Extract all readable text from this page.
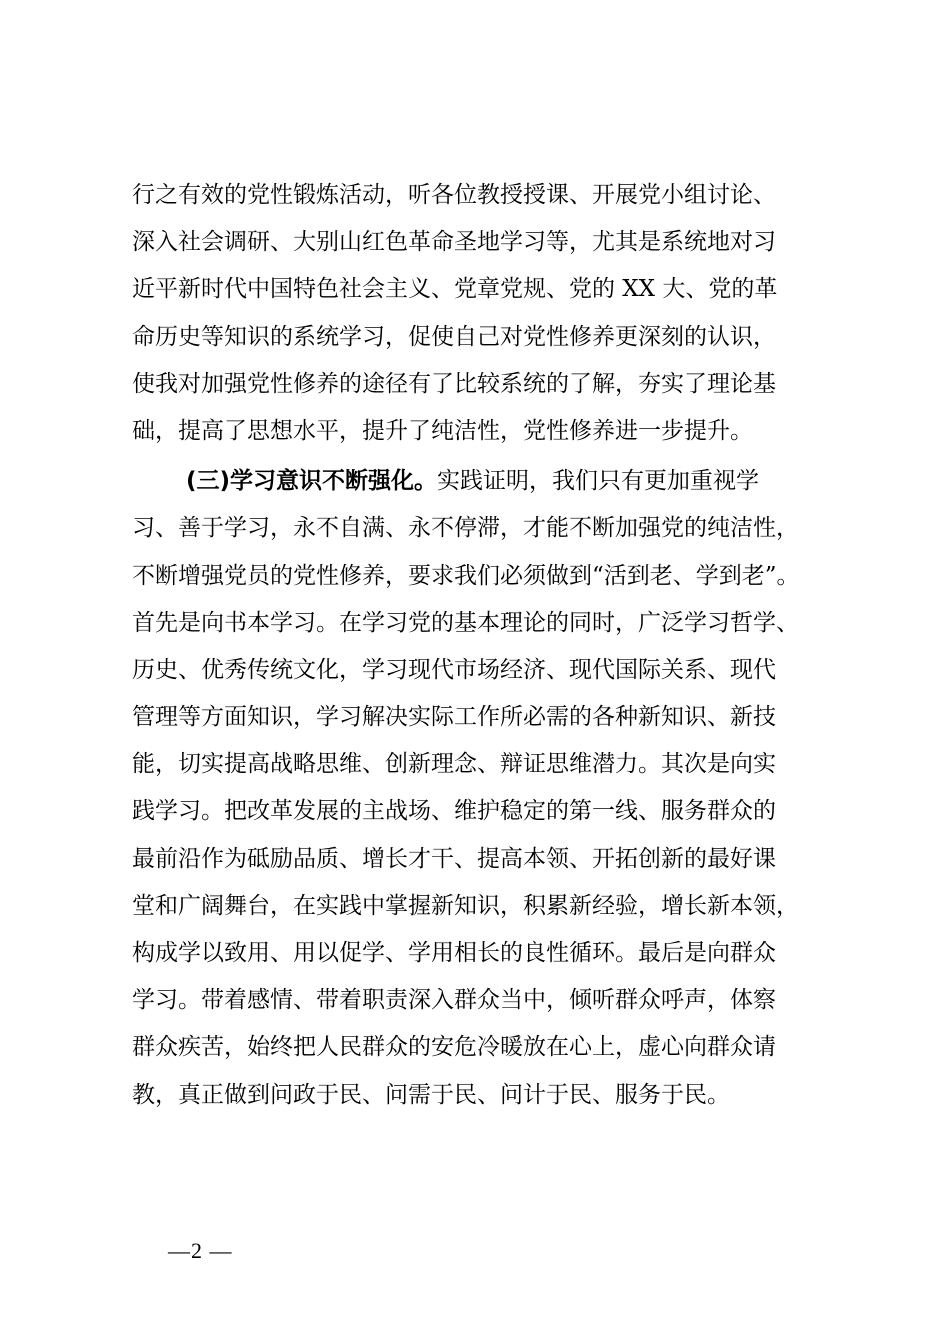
行之有效的党性锻炼活动，听各位教授授课、开展党小组讨论、
深入社会调研、大别山红色革命圣地学习等，尤其是系统地对习
近平新时代中国特色社会主义、党章党规、党的 XX 大、党的革
命历史等知识的系统学习，促使自己对党性修养更深刻的认识，
使我对加强党性修养的途径有了比较系统的了解，夯实了理论基
础，提高了思想水平，提升了纯洁性，党性修养进一步提升。
(三)学习意识不断强化。实践证明，我们只有更加重视学
习、善于学习，永不自满、永不停滞，才能不断加强党的纯洁性，
不断增强党员的党性修养，要求我们必须做到“活到老、学到老”。
首先是向书本学习。在学习党的基本理论的同时，广泛学习哲学、
历史、优秀传统文化，学习现代市场经济、现代国际关系、现代
管理等方面知识，学习解决实际工作所必需的各种新知识、新技
能，切实提高战略思维、创新理念、辩证思维潜力。其次是向实
践学习。把改革发展的主战场、维护稳定的第一线、服务群众的
最前沿作为砥励品质、增长才干、提高本领、开拓创新的最好课
堂和广阔舞台，在实践中掌握新知识，积累新经验，增长新本领，
构成学以致用、用以促学、学用相长的良性循环。最后是向群众
学习。带着感情、带着职责深入群众当中，倾听群众呼声，体察
群众疾苦，始终把人民群众的安危冷暖放在心上，虚心向群众请
教，真正做到问政于民、问需于民、问计于民、服务于民。
—2 —
